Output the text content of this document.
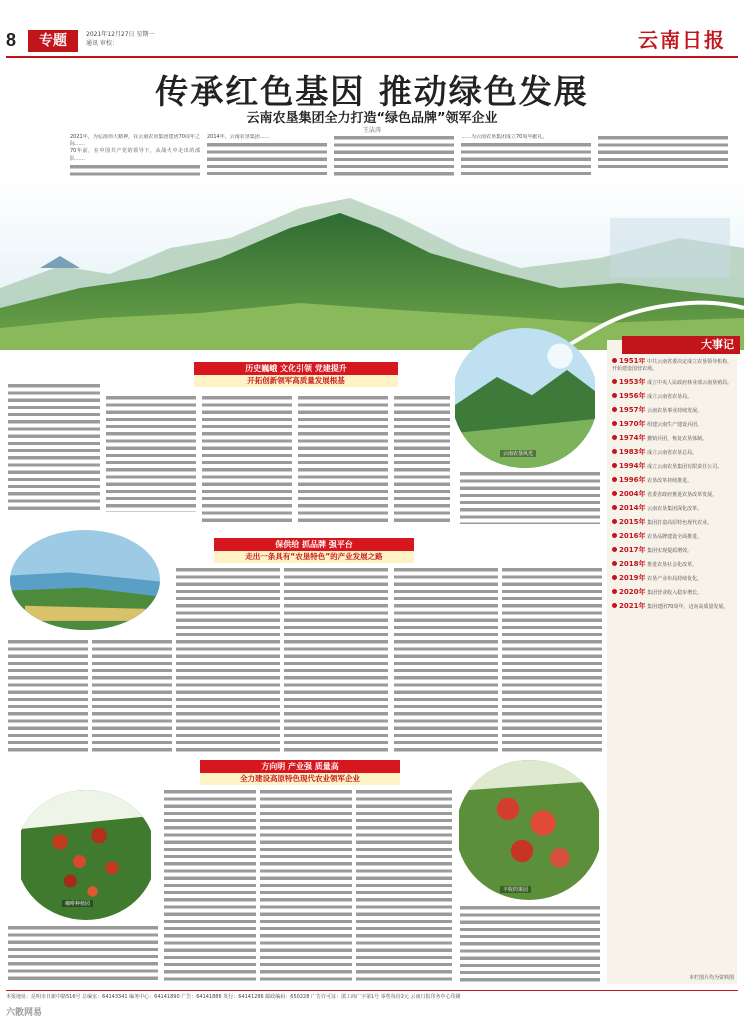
8	专题	2021年12月27日 星期一
通讯 审校：	云南日报
传承红色基因 推动绿色发展
云南农垦集团全力打造“绿色品牌”领军企业
王洁涛
2021年，为弘扬伟大精神，在云南农垦集团建团70周年之际……
70年前，在中国共产党的领导下，从战火中走出的部队……
2014年，云南农垦集团……	……为云南农垦集团成立70周年献礼。
历史巍峨 文化引领 党建提升
开拓创新领军高质量发展根基
云南农垦风光
保供给 抓品牌 强平台
走出一条具有“农垦特色”的产业发展之路
方向明 产业强 质量高
全力建设高原特色现代农业领军企业
咖啡种植园
丰收的果园
大事记
1951年 中共云南省委决定成立农垦领导机构，开始建设国营农场。
1953年 成立中央人民政府林业部云南垦殖局。
1956年 成立云南省农垦局。
1957年 云南农垦事业持续发展。
1970年 组建云南生产建设兵团。
1974年 撤销兵团，恢复农垦体制。
1983年 成立云南省农垦总局。
1994年 成立云南农垦集团有限责任公司。
1996年 农垦改革持续推进。
2004年 省委省政府推进农垦改革发展。
2014年 云南农垦集团深化改革。
2015年 集团打造高原特色现代农业。
2016年 农垦品牌建设全面推进。
2017年 集团实现提质增效。
2018年 推进农垦社会化改革。
2019年 农垦产业布局持续优化。
2020年 集团营业收入稳步增长。
2021年 集团建团70周年，迈向高质量发展。
本栏图片均为资料图
本报地址：昆明市日新中路516号 总编室：64143341 编务中心：64141890 广告：64141886 发行：64141286 邮政编码：650228 广告许可证：滇工商广字第1号 零售每份2元 云南日报印务中心印刷
六散网易
